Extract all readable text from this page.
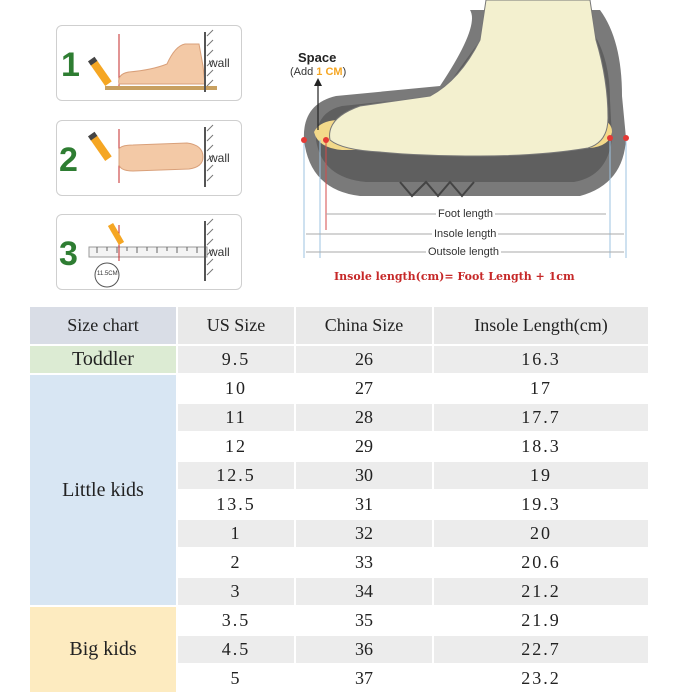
1	wall
2	wall
3	wall
11.5CM
Space
(Add 1 CM)
Foot length
Insole length
Outsole length
Insole length(cm)= Foot Length + 1cm
Size chart	US Size	China Size	Insole Length(cm)
Toddler	9.5	26	16.3
Little kids	10	27	17
	11	28	17.7
	12	29	18.3
	12.5	30	19
	13.5	31	19.3
	1	32	20
	2	33	20.6
	3	34	21.2
Big kids	3.5	35	21.9
	4.5	36	22.7
	5	37	23.2
